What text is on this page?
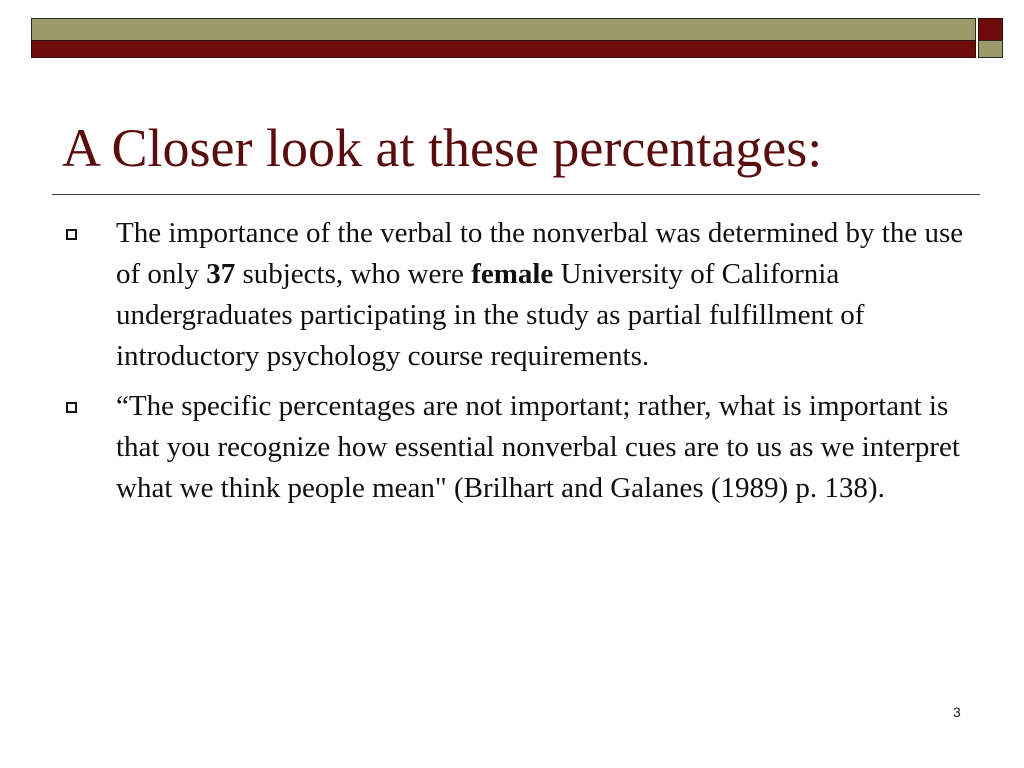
A Closer look at these percentages:
The importance of the verbal to the nonverbal was determined by the use of only 37 subjects, who were female University of California undergraduates participating in the study as partial fulfillment of introductory psychology course requirements.
“The specific percentages are not important; rather, what is important is that you recognize how essential nonverbal cues are to us as we interpret what we think people mean" (Brilhart and Galanes (1989) p. 138).
3
